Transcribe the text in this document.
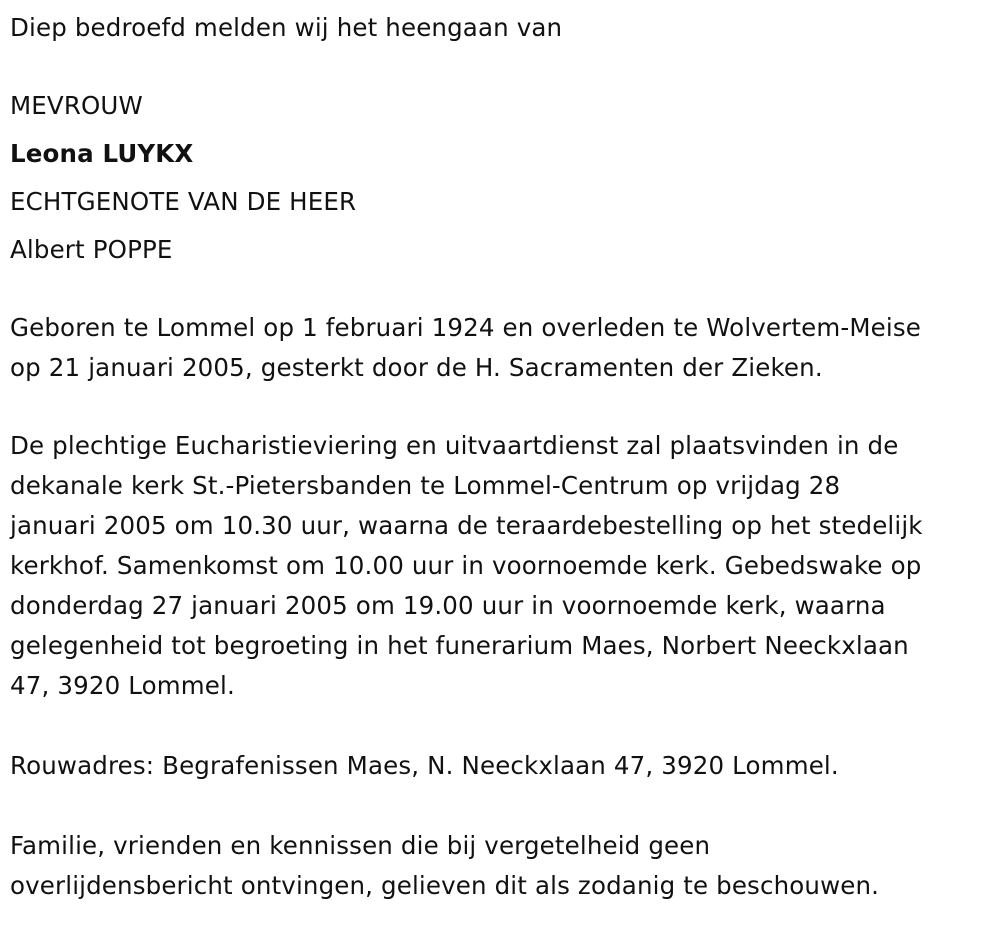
Diep bedroefd melden wij het heengaan van
MEVROUW
Leona LUYKX
ECHTGENOTE VAN DE HEER
Albert POPPE
Geboren te Lommel op 1 februari 1924 en overleden te Wolvertem-Meise
op 21 januari 2005, gesterkt door de H. Sacramenten der Zieken.
De plechtige Eucharistieviering en uitvaartdienst zal plaatsvinden in de
dekanale kerk St.-Pietersbanden te Lommel-Centrum op vrijdag 28
januari 2005 om 10.30 uur, waarna de teraardebestelling op het stedelijk
kerkhof. Samenkomst om 10.00 uur in voornoemde kerk. Gebedswake op
donderdag 27 januari 2005 om 19.00 uur in voornoemde kerk, waarna
gelegenheid tot begroeting in het funerarium Maes, Norbert Neeckxlaan
47, 3920 Lommel.
Rouwadres: Begrafenissen Maes, N. Neeckxlaan 47, 3920 Lommel.
Familie, vrienden en kennissen die bij vergetelheid geen
overlijdensbericht ontvingen, gelieven dit als zodanig te beschouwen.
